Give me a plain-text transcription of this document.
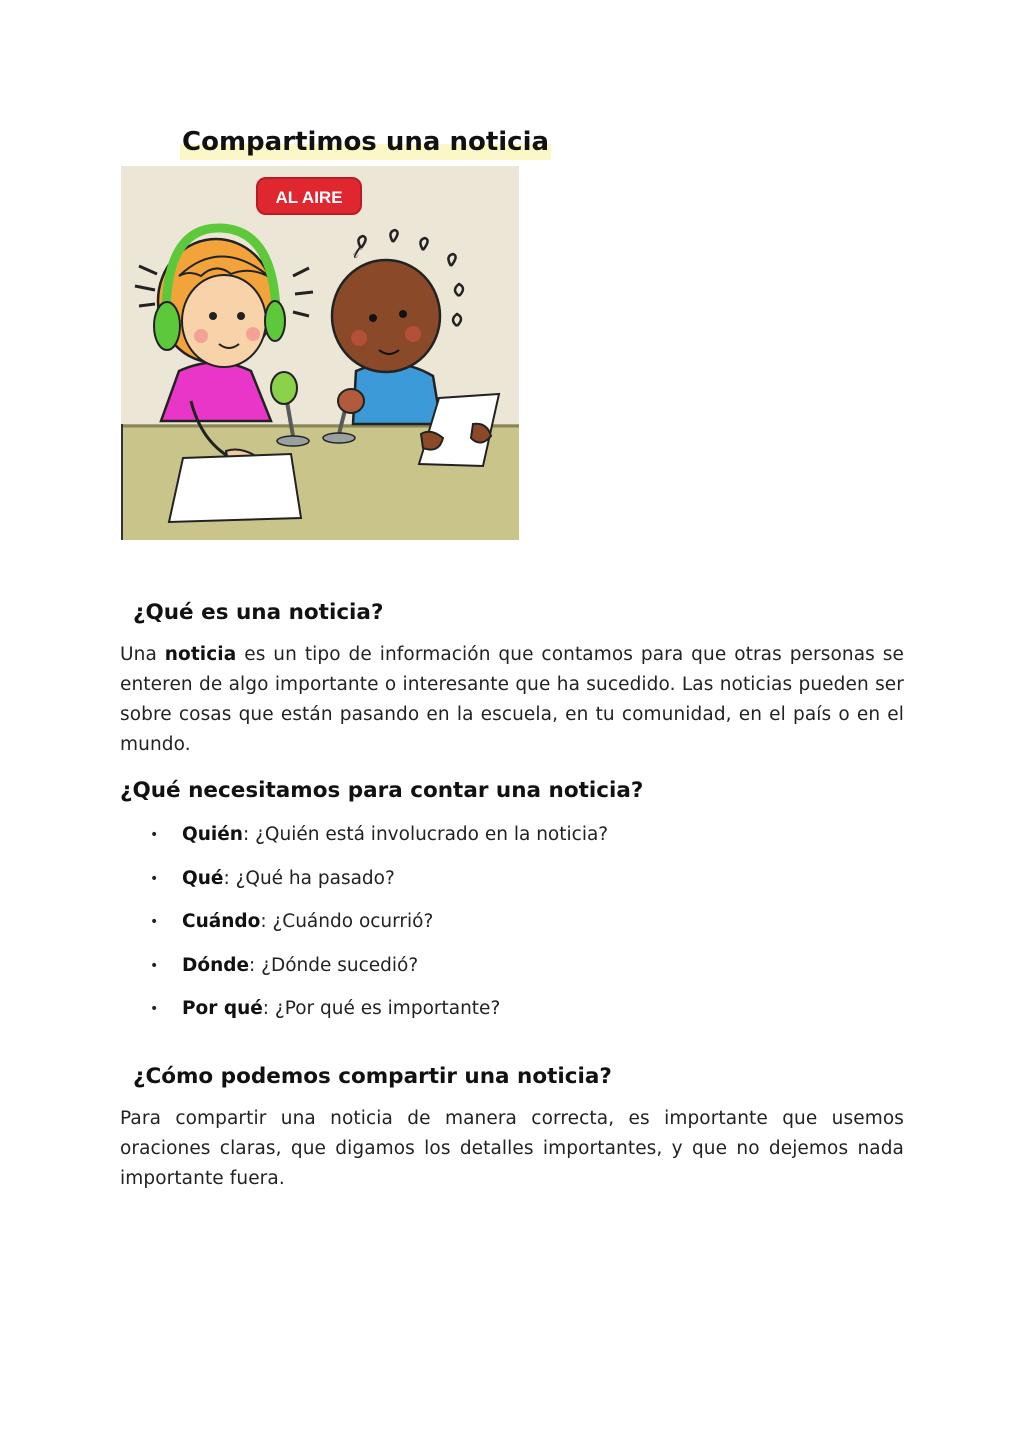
Compartimos una noticia
AL AIRE
𝓉
¿Qué es una noticia?

Una noticia es un tipo de información que contamos para que otras personas se enteren de algo importante o interesante que ha sucedido. Las noticias pueden ser sobre cosas que están pasando en la escuela, en tu comunidad, en el país o en el mundo.

¿Qué necesitamos para contar una noticia?
• Quién: ¿Quién está involucrado en la noticia?
• Qué: ¿Qué ha pasado?
• Cuándo: ¿Cuándo ocurrió?
• Dónde: ¿Dónde sucedió?
• Por qué: ¿Por qué es importante?
¿Cómo podemos compartir una noticia?

Para compartir una noticia de manera correcta, es importante que usemos oraciones claras, que digamos los detalles importantes, y que no dejemos nada importante fuera.
